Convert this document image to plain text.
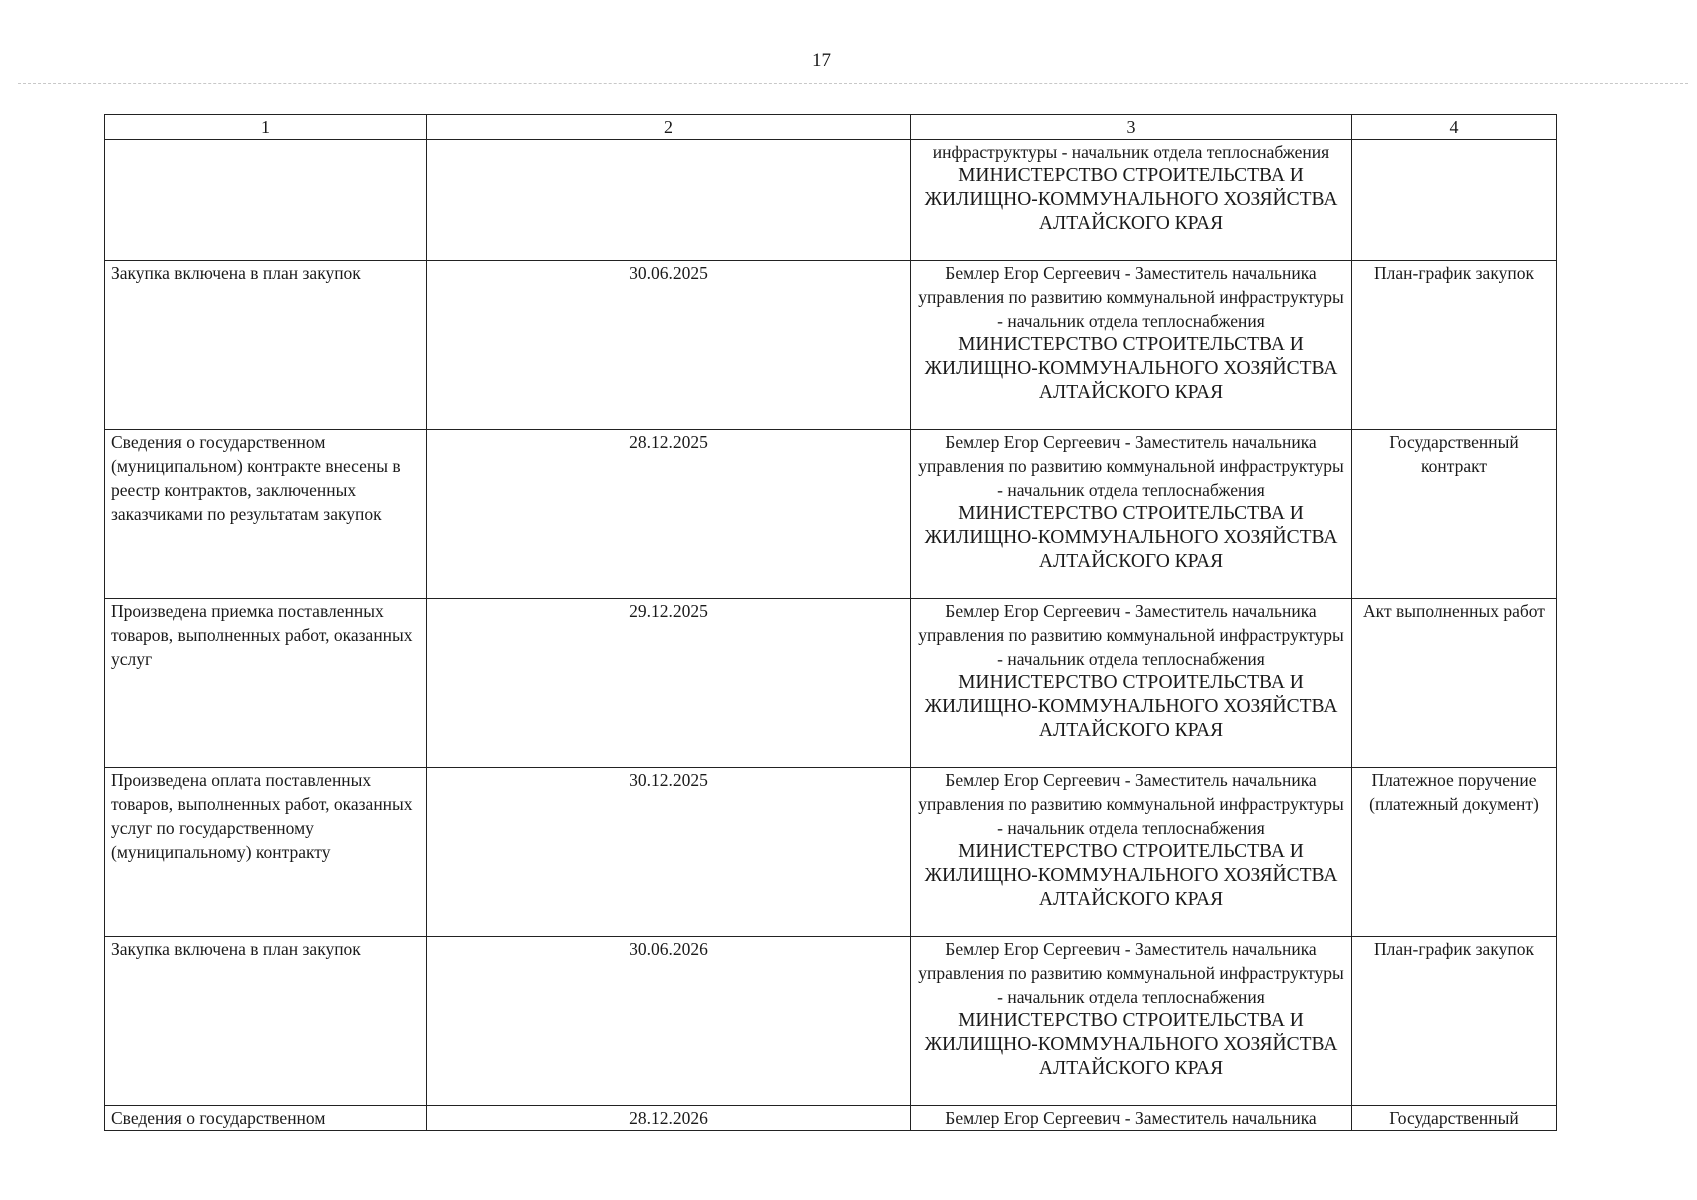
17
1	2	3	4

		инфраструктуры - начальник отдела теплоснабжения
МИНИСТЕРСТВО СТРОИТЕЛЬСТВА И ЖИЛИЩНО-КОММУНАЛЬНОГО ХОЗЯЙСТВА АЛТАЙСКОГО КРАЯ	

Закупка включена в план закупок	30.06.2025	Бемлер Егор Сергеевич - Заместитель начальника управления по развитию коммунальной инфраструктуры - начальник отдела теплоснабжения
МИНИСТЕРСТВО СТРОИТЕЛЬСТВА И ЖИЛИЩНО-КОММУНАЛЬНОГО ХОЗЯЙСТВА АЛТАЙСКОГО КРАЯ	План-график закупок
Сведения о государственном (муниципальном) контракте внесены в реестр контрактов, заключенных заказчиками по результатам закупок	28.12.2025	Бемлер Егор Сергеевич - Заместитель начальника управления по развитию коммунальной инфраструктуры - начальник отдела теплоснабжения
МИНИСТЕРСТВО СТРОИТЕЛЬСТВА И ЖИЛИЩНО-КОММУНАЛЬНОГО ХОЗЯЙСТВА АЛТАЙСКОГО КРАЯ	Государственный контракт
Произведена приемка поставленных товаров, выполненных работ, оказанных услуг	29.12.2025	Бемлер Егор Сергеевич - Заместитель начальника управления по развитию коммунальной инфраструктуры - начальник отдела теплоснабжения
МИНИСТЕРСТВО СТРОИТЕЛЬСТВА И ЖИЛИЩНО-КОММУНАЛЬНОГО ХОЗЯЙСТВА АЛТАЙСКОГО КРАЯ	Акт выполненных работ
Произведена оплата поставленных товаров, выполненных работ, оказанных услуг по государственному (муниципальному) контракту	30.12.2025	Бемлер Егор Сергеевич - Заместитель начальника управления по развитию коммунальной инфраструктуры - начальник отдела теплоснабжения
МИНИСТЕРСТВО СТРОИТЕЛЬСТВА И ЖИЛИЩНО-КОММУНАЛЬНОГО ХОЗЯЙСТВА АЛТАЙСКОГО КРАЯ	Платежное поручение (платежный документ)
Закупка включена в план закупок	30.06.2026	Бемлер Егор Сергеевич - Заместитель начальника управления по развитию коммунальной инфраструктуры - начальник отдела теплоснабжения
МИНИСТЕРСТВО СТРОИТЕЛЬСТВА И ЖИЛИЩНО-КОММУНАЛЬНОГО ХОЗЯЙСТВА АЛТАЙСКОГО КРАЯ	План-график закупок
Сведения о государственном	28.12.2026	Бемлер Егор Сергеевич - Заместитель начальника	Государственный
